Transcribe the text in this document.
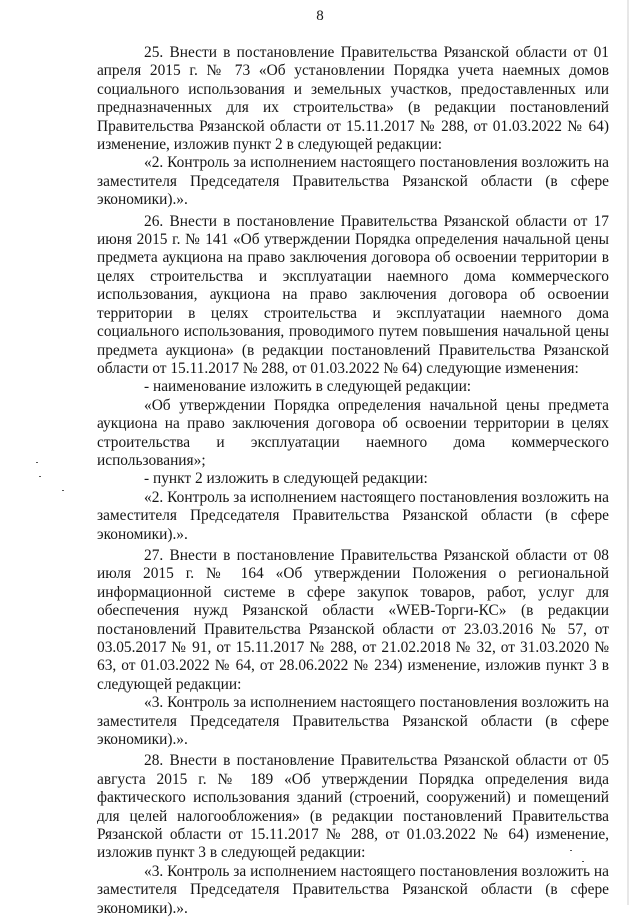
8

25. Внести в постановление Правительства Рязанской области от 01 апреля 2015 г. № 73 «Об установлении Порядка учета наемных домов социального использования и земельных участков, предоставленных или предназначенных для их строительства» (в редакции постановлений Правительства Рязанской области от 15.11.2017 № 288, от 01.03.2022 № 64) изменение, изложив пункт 2 в следующей редакции:

«2. Контроль за исполнением настоящего постановления возложить на заместителя Председателя Правительства Рязанской области (в сфере экономики).».

26. Внести в постановление Правительства Рязанской области от 17 июня 2015 г. № 141 «Об утверждении Порядка определения начальной цены предмета аукциона на право заключения договора об освоении территории в целях строительства и эксплуатации наемного дома коммерческого использования, аукциона на право заключения договора об освоении территории в целях строительства и эксплуатации наемного дома социального использования, проводимого путем повышения начальной цены предмета аукциона» (в редакции постановлений Правительства Рязанской области от 15.11.2017 № 288, от 01.03.2022 № 64) следующие изменения:

- наименование изложить в следующей редакции:

«Об утверждении Порядка определения начальной цены предмета аукциона на право заключения договора об освоении территории в целях строительства и эксплуатации наемного дома коммерческого использования»;

- пункт 2 изложить в следующей редакции:

«2. Контроль за исполнением настоящего постановления возложить на заместителя Председателя Правительства Рязанской области (в сфере экономики).».

27. Внести в постановление Правительства Рязанской области от 08 июля 2015 г. № 164 «Об утверждении Положения о региональной информационной системе в сфере закупок товаров, работ, услуг для обеспечения нужд Рязанской области «WEB-Торги-КС» (в редакции постановлений Правительства Рязанской области от 23.03.2016 № 57, от 03.05.2017 № 91, от 15.11.2017 № 288, от 21.02.2018 № 32, от 31.03.2020 № 63, от 01.03.2022 № 64, от 28.06.2022 № 234) изменение, изложив пункт 3 в следующей редакции:

«3. Контроль за исполнением настоящего постановления возложить на заместителя Председателя Правительства Рязанской области (в сфере экономики).».

28. Внести в постановление Правительства Рязанской области от 05 августа 2015 г. № 189 «Об утверждении Порядка определения вида фактического использования зданий (строений, сооружений) и помещений для целей налогообложения» (в редакции постановлений Правительства Рязанской области от 15.11.2017 № 288, от 01.03.2022 № 64) изменение, изложив пункт 3 в следующей редакции:

«3. Контроль за исполнением настоящего постановления возложить на заместителя Председателя Правительства Рязанской области (в сфере экономики).».
